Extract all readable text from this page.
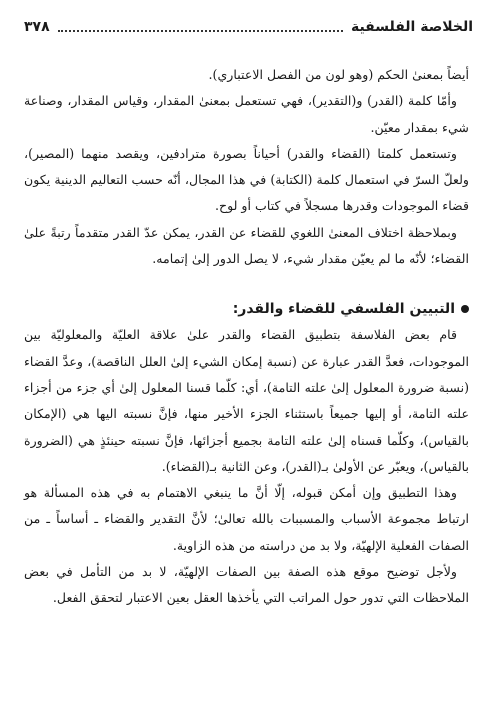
الخلاصة الفلسفية
٣٧٨

أيضاً بمعنىٰ الحكم (وهو لون من الفصل الاعتباري).

وأمّا كلمة (القدر) و(التقدير)، فهي تستعمل بمعنىٰ المقدار، وقياس المقدار، وصناعة شيء بمقدار معيّن.

وتستعمل كلمتا (القضاء والقدر) أحياناً بصورة مترادفين، ويقصد منهما (المصير)، ولعلّ السرّ في استعمال كلمة (الكتابة) في هذا المجال، أنّه حسب التعاليم الدينية يكون قضاء الموجودات وقدرها مسجلاً في كتاب أو لوح.

وبملاحظة اختلاف المعنىٰ اللغوي للقضاء عن القدر، يمكن عدّ القدر متقدماً رتبةً علىٰ القضاء؛ لأنّه ما لم يعيّن مقدار شيء، لا يصل الدور إلىٰ إتمامه.

التبيين الفلسفي للقضاء والقدر:

قام بعض الفلاسفة بتطبيق القضاء والقدر علىٰ علاقة العليّة والمعلوليّة بين الموجودات، فعدَّ القدر عبارة عن (نسبة إمكان الشيء إلىٰ العلل الناقصة)، وعدَّ القضاء (نسبة ضرورة المعلول إلىٰ علته التامة)، أي: كلّما قسنا المعلول إلىٰ أي جزء من أجزاء علته التامة، أو إليها جميعاً باستثناء الجزء الأخير منها، فإنَّ نسبته اليها هي (الإمكان بالقياس)، وكلّما قسناه إلىٰ علته التامة بجميع أجزائها، فإنَّ نسبته حينئذٍ هي (الضرورة بالقياس)، ويعبّر عن الأولىٰ بـ(القدر)، وعن الثانية بـ(القضاء).

وهذا التطبيق وإن أمكن قبوله، إلّا أنَّ ما ينبغي الاهتمام به في هذه المسألة هو ارتباط مجموعة الأسباب والمسببات بالله تعالىٰ؛ لأنَّ التقدير والقضاء ـ أساساً ـ من الصفات الفعلية الإلهيّة، ولا بد من دراسته من هذه الزاوية.

ولأجل توضيح موقع هذه الصفة بين الصفات الإلهيّة، لا بد من التأمل في بعض الملاحظات التي تدور حول المراتب التي يأخذها العقل بعين الاعتبار لتحقق الفعل.
